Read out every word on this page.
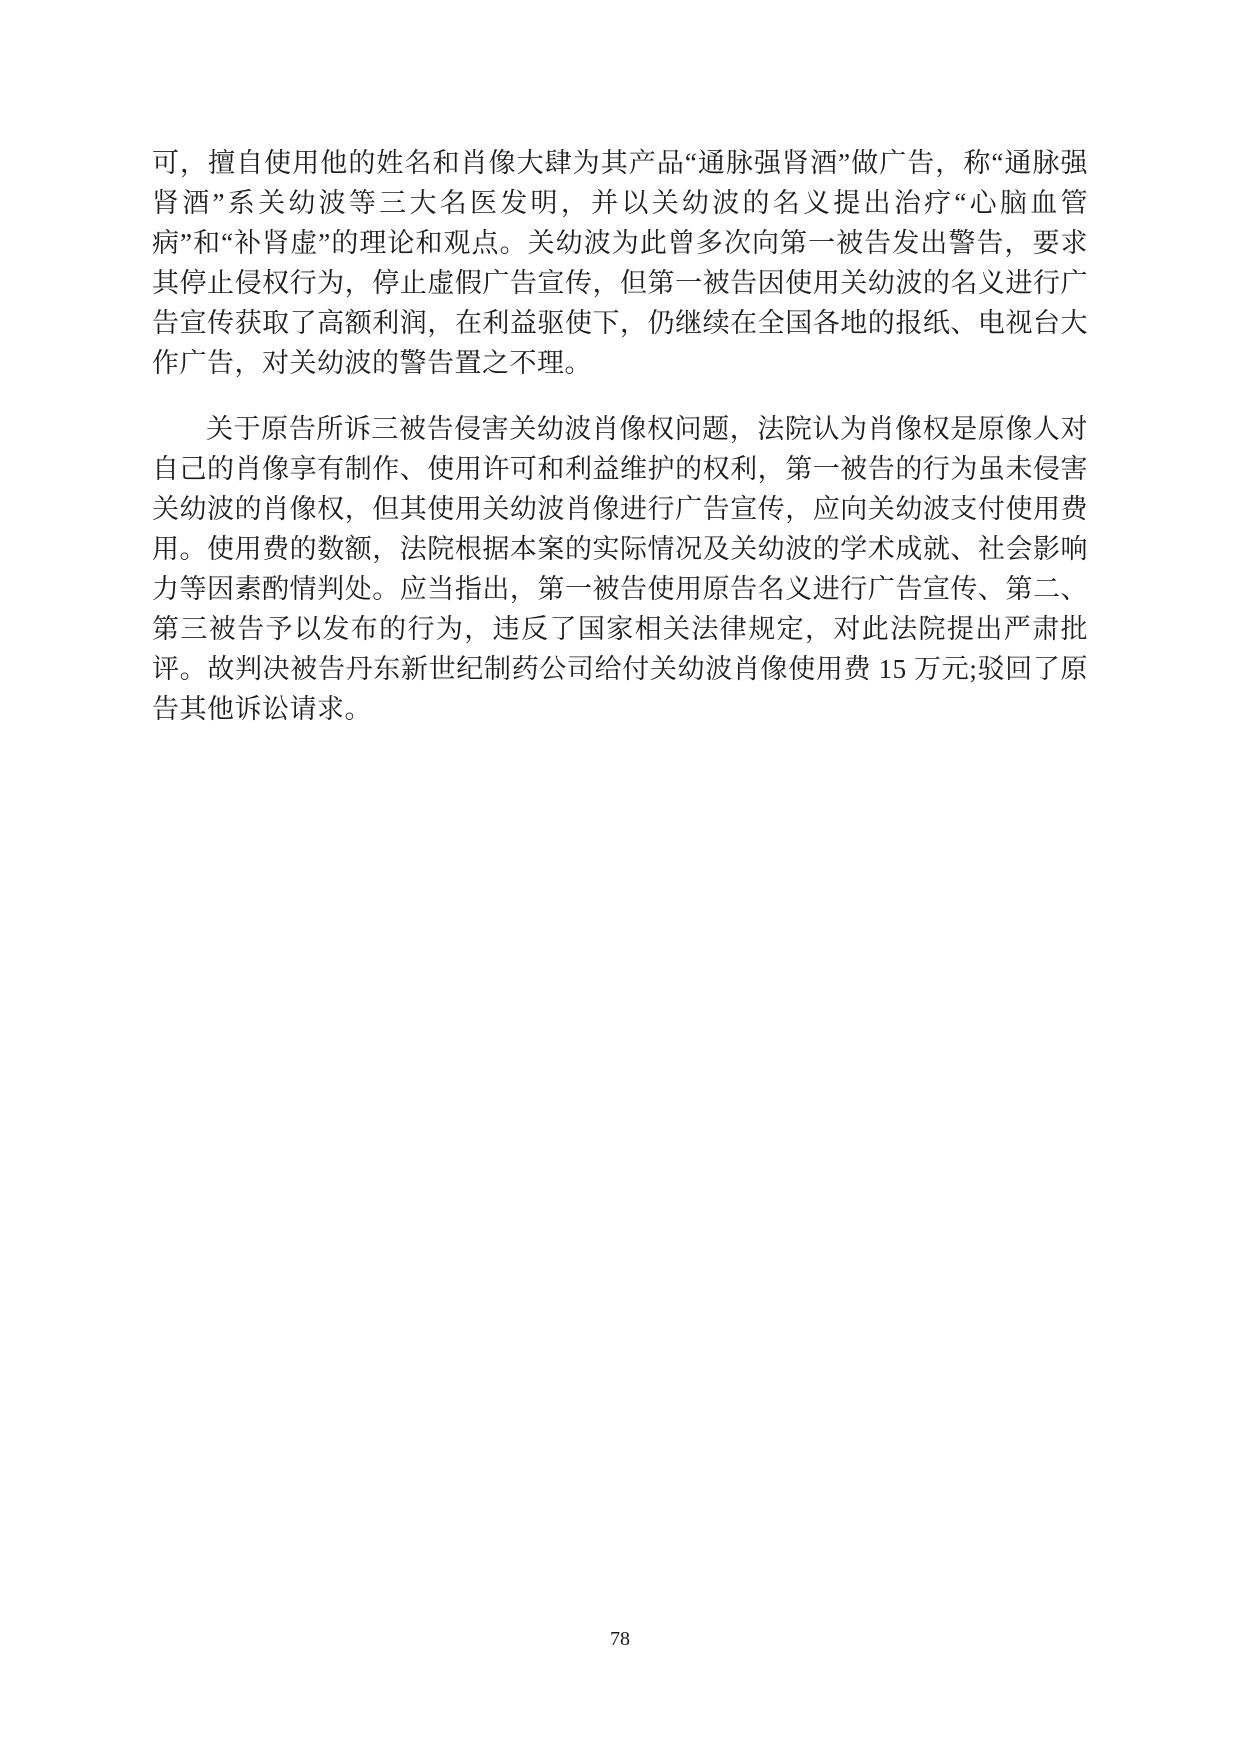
可，擅自使用他的姓名和肖像大肆为其产品“通脉强肾酒”做广告，称“通脉强肾酒”系关幼波等三大名医发明，并以关幼波的名义提出治疗“心脑血管病”和“补肾虚”的理论和观点。关幼波为此曾多次向第一被告发出警告，要求其停止侵权行为，停止虚假广告宣传，但第一被告因使用关幼波的名义进行广告宣传获取了高额利润，在利益驱使下，仍继续在全国各地的报纸、电视台大作广告，对关幼波的警告置之不理。

关于原告所诉三被告侵害关幼波肖像权问题，法院认为肖像权是原像人对自己的肖像享有制作、使用许可和利益维护的权利，第一被告的行为虽未侵害关幼波的肖像权，但其使用关幼波肖像进行广告宣传，应向关幼波支付使用费用。使用费的数额，法院根据本案的实际情况及关幼波的学术成就、社会影响力等因素酌情判处。应当指出，第一被告使用原告名义进行广告宣传、第二、第三被告予以发布的行为，违反了国家相关法律规定，对此法院提出严肃批评。故判决被告丹东新世纪制药公司给付关幼波肖像使用费 15 万元;驳回了原告其他诉讼请求。

78
